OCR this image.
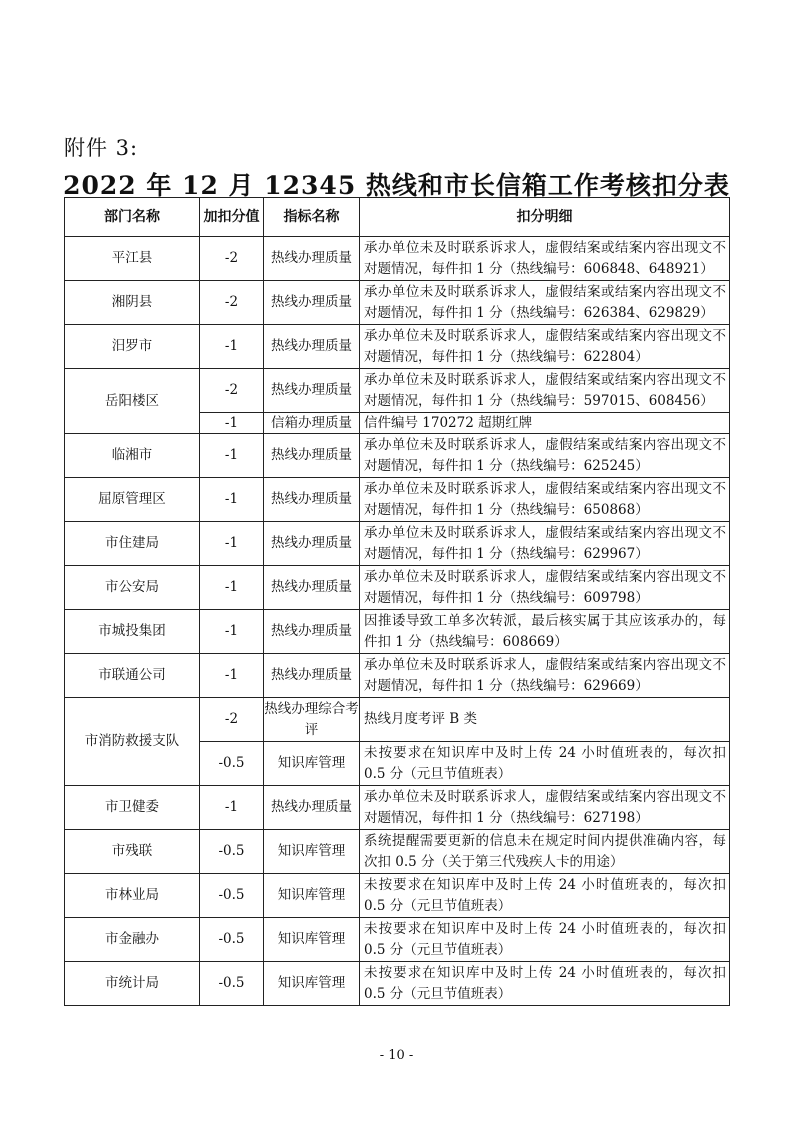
附件 3:
2022 年 12 月 12345 热线和市长信箱工作考核扣分表
部门名称	加扣分值	指标名称	扣分明细
平江县	-2	热线办理质量	承办单位未及时联系诉求人，虚假结案或结案内容出现文不对题情况，每件扣 1 分（热线编号：606848、648921）
湘阴县	-2	热线办理质量	承办单位未及时联系诉求人，虚假结案或结案内容出现文不对题情况，每件扣 1 分（热线编号：626384、629829）
汨罗市	-1	热线办理质量	承办单位未及时联系诉求人，虚假结案或结案内容出现文不对题情况，每件扣 1 分（热线编号：622804）
岳阳楼区	-2	热线办理质量	承办单位未及时联系诉求人，虚假结案或结案内容出现文不对题情况，每件扣 1 分（热线编号：597015、608456）
	-1	信箱办理质量	信件编号 170272 超期红牌
临湘市	-1	热线办理质量	承办单位未及时联系诉求人，虚假结案或结案内容出现文不对题情况，每件扣 1 分（热线编号：625245）
屈原管理区	-1	热线办理质量	承办单位未及时联系诉求人，虚假结案或结案内容出现文不对题情况，每件扣 1 分（热线编号：650868）
市住建局	-1	热线办理质量	承办单位未及时联系诉求人，虚假结案或结案内容出现文不对题情况，每件扣 1 分（热线编号：629967）
市公安局	-1	热线办理质量	承办单位未及时联系诉求人，虚假结案或结案内容出现文不对题情况，每件扣 1 分（热线编号：609798）
市城投集团	-1	热线办理质量	因推诿导致工单多次转派，最后核实属于其应该承办的，每件扣 1 分（热线编号：608669）
市联通公司	-1	热线办理质量	承办单位未及时联系诉求人，虚假结案或结案内容出现文不对题情况，每件扣 1 分（热线编号：629669）
市消防救援支队	-2	热线办理综合考评	热线月度考评 B 类
	-0.5	知识库管理	未按要求在知识库中及时上传 24 小时值班表的，每次扣 0.5 分（元旦节值班表）
市卫健委	-1	热线办理质量	承办单位未及时联系诉求人，虚假结案或结案内容出现文不对题情况，每件扣 1 分（热线编号：627198）
市残联	-0.5	知识库管理	系统提醒需要更新的信息未在规定时间内提供准确内容，每次扣 0.5 分（关于第三代残疾人卡的用途）
市林业局	-0.5	知识库管理	未按要求在知识库中及时上传 24 小时值班表的，每次扣 0.5 分（元旦节值班表）
市金融办	-0.5	知识库管理	未按要求在知识库中及时上传 24 小时值班表的，每次扣 0.5 分（元旦节值班表）
市统计局	-0.5	知识库管理	未按要求在知识库中及时上传 24 小时值班表的，每次扣 0.5 分（元旦节值班表）
- 10 -
